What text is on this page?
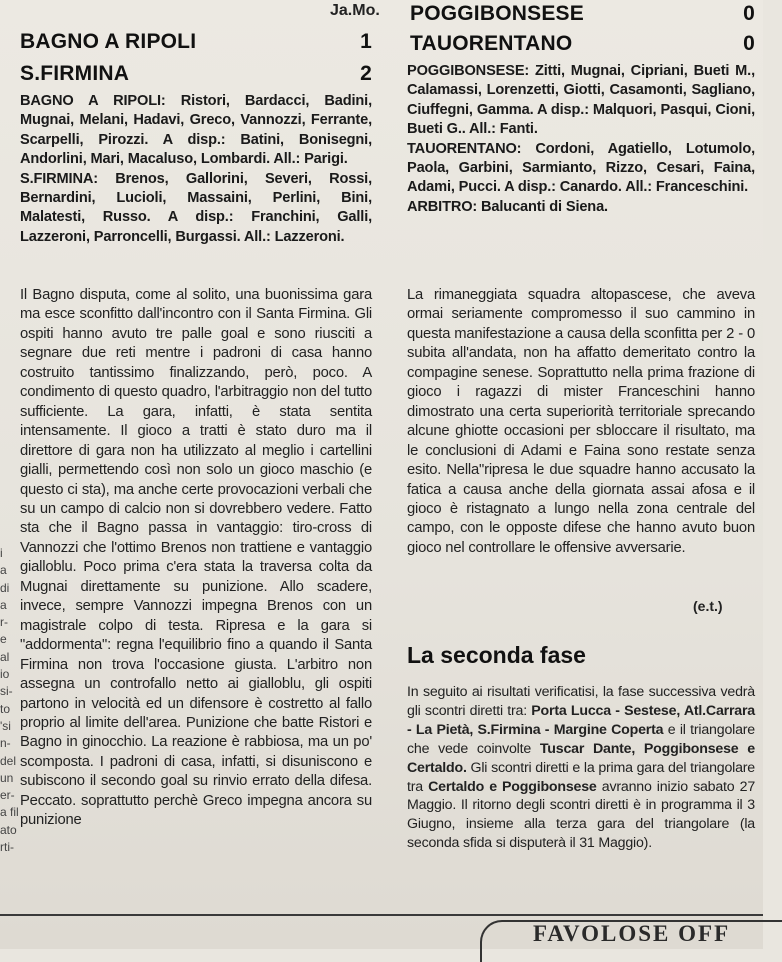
i
a
di
a
r-
e
al
io
si-
to
'si
n-
del
un
er-
a fil
ato
rti-
Ja.Mo.
BAGNO A RIPOLI	1
S.FIRMINA	2

BAGNO A RIPOLI: Ristori, Bardacci, Badini, Mugnai, Melani, Hadavi, Greco, Vannozzi, Ferrante, Scarpelli, Pirozzi. A disp.: Batini, Bonisegni, Andorlini, Mari, Macaluso, Lombardi. All.: Parigi.

S.FIRMINA: Brenos, Gallorini, Severi, Rossi, Bernardini, Lucioli, Massaini, Perlini, Bini, Malatesti, Russo. A disp.: Franchini, Galli, Lazzeroni, Parroncelli, Burgassi. All.: Lazzeroni.

Il Bagno disputa, come al solito, una buonissima gara ma esce sconfitto dall'incontro con il Santa Firmina. Gli ospiti hanno avuto tre palle goal e sono riusciti a segnare due reti mentre i padroni di casa hanno costruito tantissimo finalizzando, però, poco. A condimento di questo quadro, l'arbitraggio non del tutto sufficiente. La gara, infatti, è stata sentita intensamente. Il gioco a tratti è stato duro ma il direttore di gara non ha utilizzato al meglio i cartellini gialli, permettendo così non solo un gioco maschio (e questo ci sta), ma anche certe provocazioni verbali che su un campo di calcio non si dovrebbero vedere. Fatto sta che il Bagno passa in vantaggio: tiro-cross di Vannozzi che l'ottimo Brenos non trattiene e vantaggio gialloblu. Poco prima c'era stata la traversa colta da Mugnai direttamente su punizione. Allo scadere, invece, sempre Vannozzi impegna Brenos con un magistrale colpo di testa. Ripresa e la gara si "addormenta": regna l'equilibrio fino a quando il Santa Firmina non trova l'occasione giusta. L'arbitro non assegna un controfallo netto ai gialloblu, gli ospiti partono in velocità ed un difensore è costretto al fallo proprio al limite dell'area. Punizione che batte Ristori e Bagno in ginocchio. La reazione è rabbiosa, ma un po' scomposta. I padroni di casa, infatti, si disuniscono e subiscono il secondo goal su rinvio errato della difesa. Peccato. soprattutto perchè Greco impegna ancora su punizione

POGGIBONSESE	0
TAUORENTANO	0

POGGIBONSESE: Zitti, Mugnai, Cipriani, Bueti M., Calamassi, Lorenzetti, Giotti, Casamonti, Sagliano, Ciuffegni, Gamma. A disp.: Malquori, Pasqui, Cioni, Bueti G.. All.: Fanti.

TAUORENTANO: Cordoni, Agatiello, Lotumolo, Paola, Garbini, Sarmianto, Rizzo, Cesari, Faina, Adami, Pucci. A disp.: Canardo. All.: Franceschini.

ARBITRO: Balucanti di Siena.

La rimaneggiata squadra altopascese, che aveva ormai seriamente compromesso il suo cammino in questa manifestazione a causa della sconfitta per 2 - 0 subita all'andata, non ha affatto demeritato contro la compagine senese. Soprattutto nella prima frazione di gioco i ragazzi di mister Franceschini hanno dimostrato una certa superiorità territoriale sprecando alcune ghiotte occasioni per sbloccare il risultato, ma le conclusioni di Adami e Faina sono restate senza esito. Nella"ripresa le due squadre hanno accusato la fatica a causa anche della giornata assai afosa e il gioco è ristagnato a lungo nella zona centrale del campo, con le opposte difese che hanno avuto buon gioco nel controllare le offensive avversarie.

(e.t.)
La seconda fase

In seguito ai risultati verificatisi, la fase successiva vedrà gli scontri diretti tra: Porta Lucca - Sestese, Atl.Carrara - La Pietà, S.Firmina - Margine Coperta e il triangolare che vede coinvolte Tuscar Dante, Poggibonsese e Certaldo. Gli scontri diretti e la prima gara del triangolare tra Certaldo e Poggibonsese avranno inizio sabato 27 Maggio. Il ritorno degli scontri diretti è in programma il 3 Giugno, insieme alla terza gara del triangolare (la seconda sfida si disputerà il 31 Maggio).

FAVOLOSE OFF
